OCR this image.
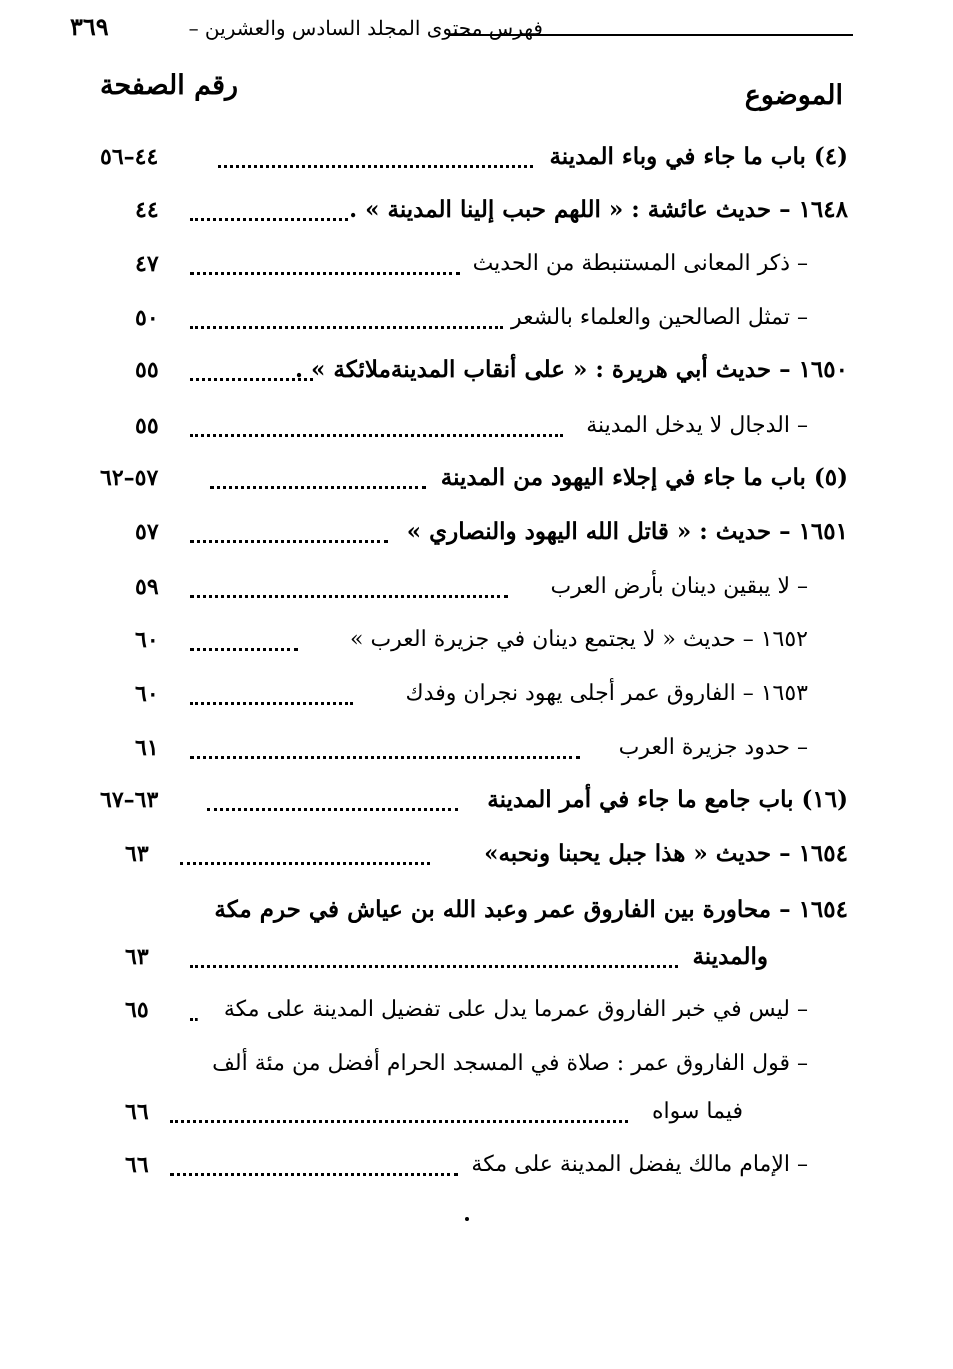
فهرس محتوى المجلد السادس والعشرين –
٣٦٩
الموضوع
رقم الصفحة
(٤) باب ما جاء في وباء المدينة
٤٤–٥٦
١٦٤٨ – حديث عائشة : « اللهم حبب إلينا المدينة » .
٤٤
– ذكر المعانى المستنبطة من الحديث
٤٧
– تمثل الصالحين والعلماء بالشعر
٥٠
١٦٥٠ – حديث أبي هريرة : « على أنقاب المدينةملائكة » .
٥٥
– الدجال لا يدخل المدينة
٥٥
(٥) باب ما جاء في إجلاء اليهود من المدينة
٥٧–٦٢
١٦٥١ – حديث : « قاتل الله اليهود والنصاري »
٥٧
– لا يبقين دينان بأرض العرب
٥٩
١٦٥٢ – حديث « لا يجتمع دينان في جزيرة العرب »
٦٠
١٦٥٣ – الفاروق عمر أجلى يهود نجران وفدك
٦٠
– حدود جزيرة العرب
٦١
(١٦) باب جامع ما جاء في أمر المدينة
٦٣–٦٧
١٦٥٤ – حديث « هذا جبل يحبنا ونحبه»
٦٣
١٦٥٤ – محاورة بين الفاروق عمر وعبد الله بن عياش في حرم مكة
والمدينة
٦٣
– ليس في خبر الفاروق عمرما يدل على تفضيل المدينة على مكة
٦٥
– قول الفاروق عمر : صلاة في المسجد الحرام أفضل من مئة ألف
فيما سواه
٦٦
– الإمام مالك يفضل المدينة على مكة
٦٦
